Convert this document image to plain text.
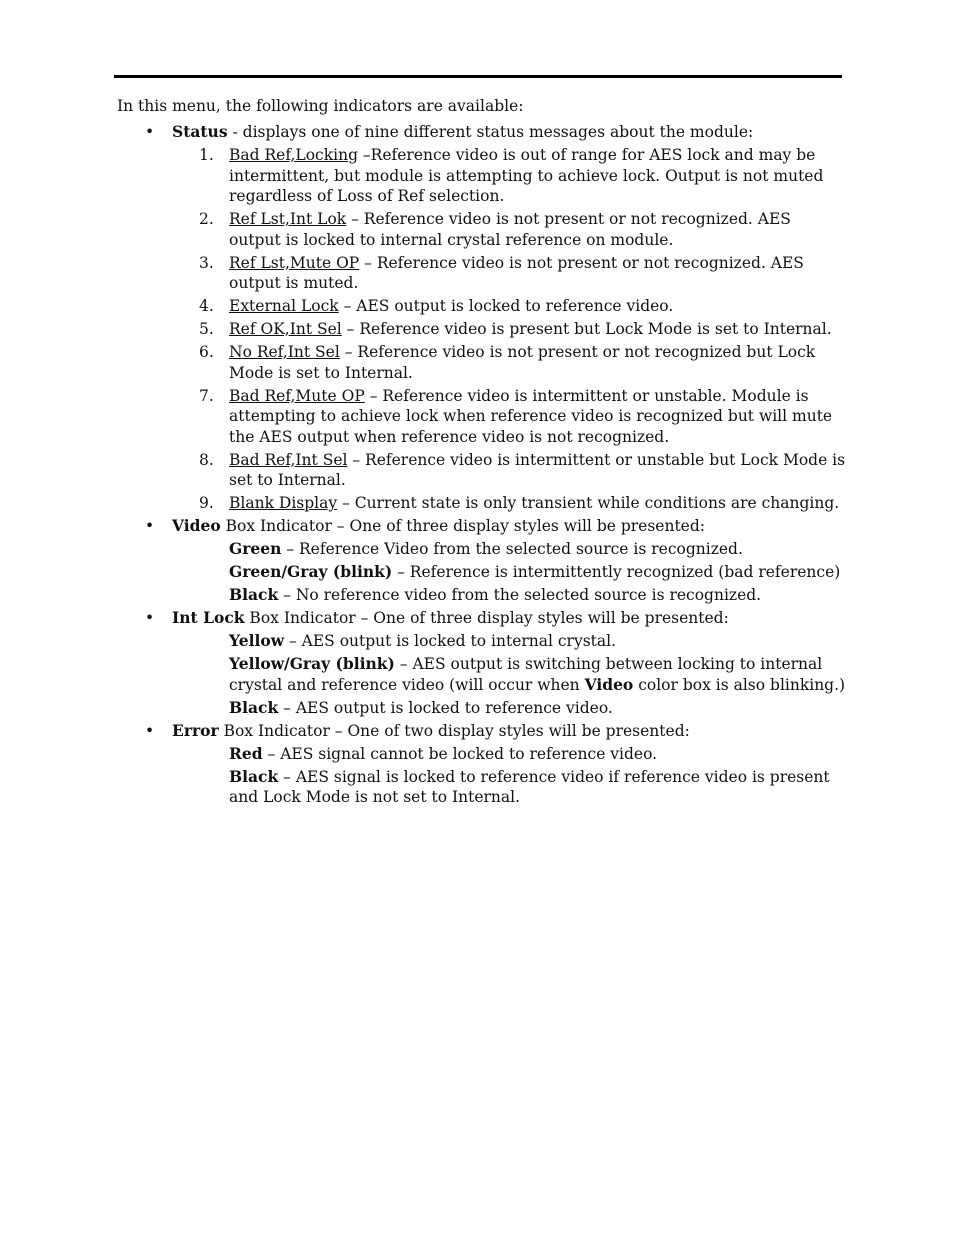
In this menu, the following indicators are available:
• Status - displays one of nine different status messages about the module:
1. Bad Ref,Locking –Reference video is out of range for AES lock and may be intermittent, but module is attempting to achieve lock. Output is not muted regardless of Loss of Ref selection.
2. Ref Lst,Int Lok – Reference video is not present or not recognized. AES output is locked to internal crystal reference on module.
3. Ref Lst,Mute OP – Reference video is not present or not recognized. AES output is muted.
4. External Lock – AES output is locked to reference video.
5. Ref OK,Int Sel – Reference video is present but Lock Mode is set to Internal.
6. No Ref,Int Sel – Reference video is not present or not recognized but Lock Mode is set to Internal.
7. Bad Ref,Mute OP – Reference video is intermittent or unstable. Module is attempting to achieve lock when reference video is recognized but will mute the AES output when reference video is not recognized.
8. Bad Ref,Int Sel – Reference video is intermittent or unstable but Lock Mode is set to Internal.
9. Blank Display – Current state is only transient while conditions are changing.
• Video Box Indicator – One of three display styles will be presented:
Green – Reference Video from the selected source is recognized.
Green/Gray (blink) – Reference is intermittently recognized (bad reference)
Black – No reference video from the selected source is recognized.
• Int Lock Box Indicator – One of three display styles will be presented:
Yellow – AES output is locked to internal crystal.
Yellow/Gray (blink) – AES output is switching between locking to internal crystal and reference video (will occur when Video color box is also blinking.)
Black – AES output is locked to reference video.
• Error Box Indicator – One of two display styles will be presented:
Red – AES signal cannot be locked to reference video.
Black – AES signal is locked to reference video if reference video is present and Lock Mode is not set to Internal.
